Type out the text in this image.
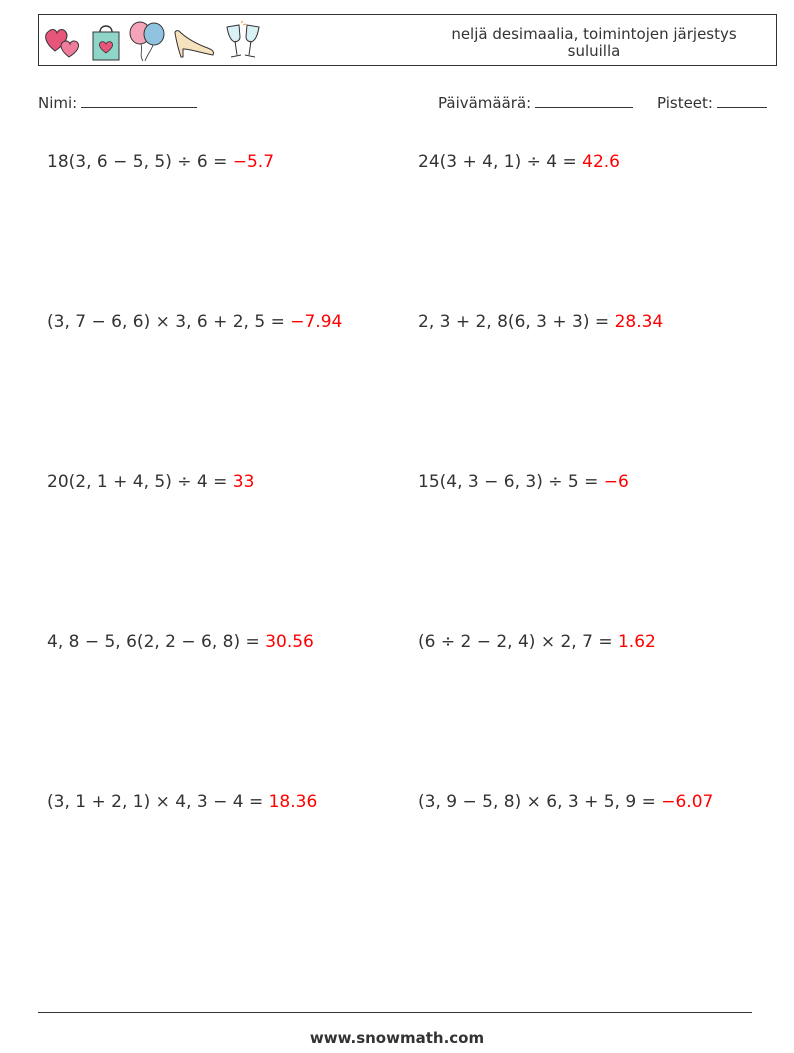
neljä desimaalia, toimintojen järjestys
suluilla
Nimi:	Päivämäärä:	Pisteet:
18(3, 6 − 5, 5) ÷ 6 = −5.7	24(3 + 4, 1) ÷ 4 = 42.6
(3, 7 − 6, 6) × 3, 6 + 2, 5 = −7.94	2, 3 + 2, 8(6, 3 + 3) = 28.34
20(2, 1 + 4, 5) ÷ 4 = 33	15(4, 3 − 6, 3) ÷ 5 = −6
4, 8 − 5, 6(2, 2 − 6, 8) = 30.56	(6 ÷ 2 − 2, 4) × 2, 7 = 1.62
(3, 1 + 2, 1) × 4, 3 − 4 = 18.36	(3, 9 − 5, 8) × 6, 3 + 5, 9 = −6.07
www.snowmath.com
